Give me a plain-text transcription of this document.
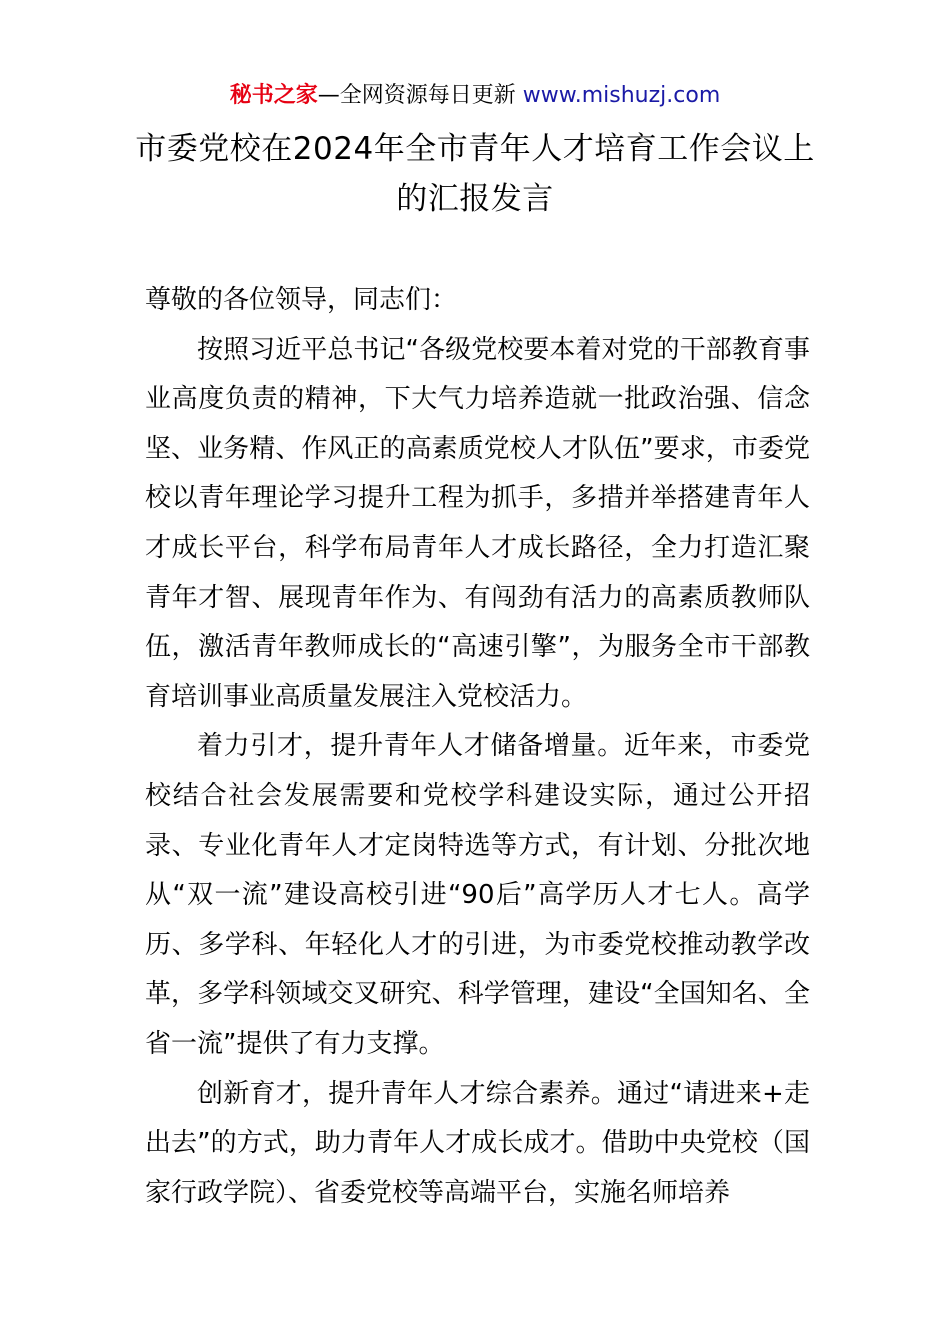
秘书之家—全网资源每日更新 www.mishuzj.com
市委党校在2024年全市青年人才培育工作会议上的汇报发言

尊敬的各位领导，同志们：

按照习近平总书记“各级党校要本着对党的干部教育事业高度负责的精神，下大气力培养造就一批政治强、信念坚、业务精、作风正的高素质党校人才队伍”要求，市委党校以青年理论学习提升工程为抓手，多措并举搭建青年人才成长平台，科学布局青年人才成长路径，全力打造汇聚青年才智、展现青年作为、有闯劲有活力的高素质教师队伍，激活青年教师成长的“高速引擎”，为服务全市干部教育培训事业高质量发展注入党校活力。

着力引才，提升青年人才储备增量。近年来，市委党校结合社会发展需要和党校学科建设实际，通过公开招录、专业化青年人才定岗特选等方式，有计划、分批次地从“双一流”建设高校引进“90后”高学历人才七人。高学历、多学科、年轻化人才的引进，为市委党校推动教学改革，多学科领域交叉研究、科学管理，建设“全国知名、全省一流”提供了有力支撑。

创新育才，提升青年人才综合素养。通过“请进来+走出去”的方式，助力青年人才成长成才。借助中央党校（国家行政学院）、省委党校等高端平台，实施名师培养
